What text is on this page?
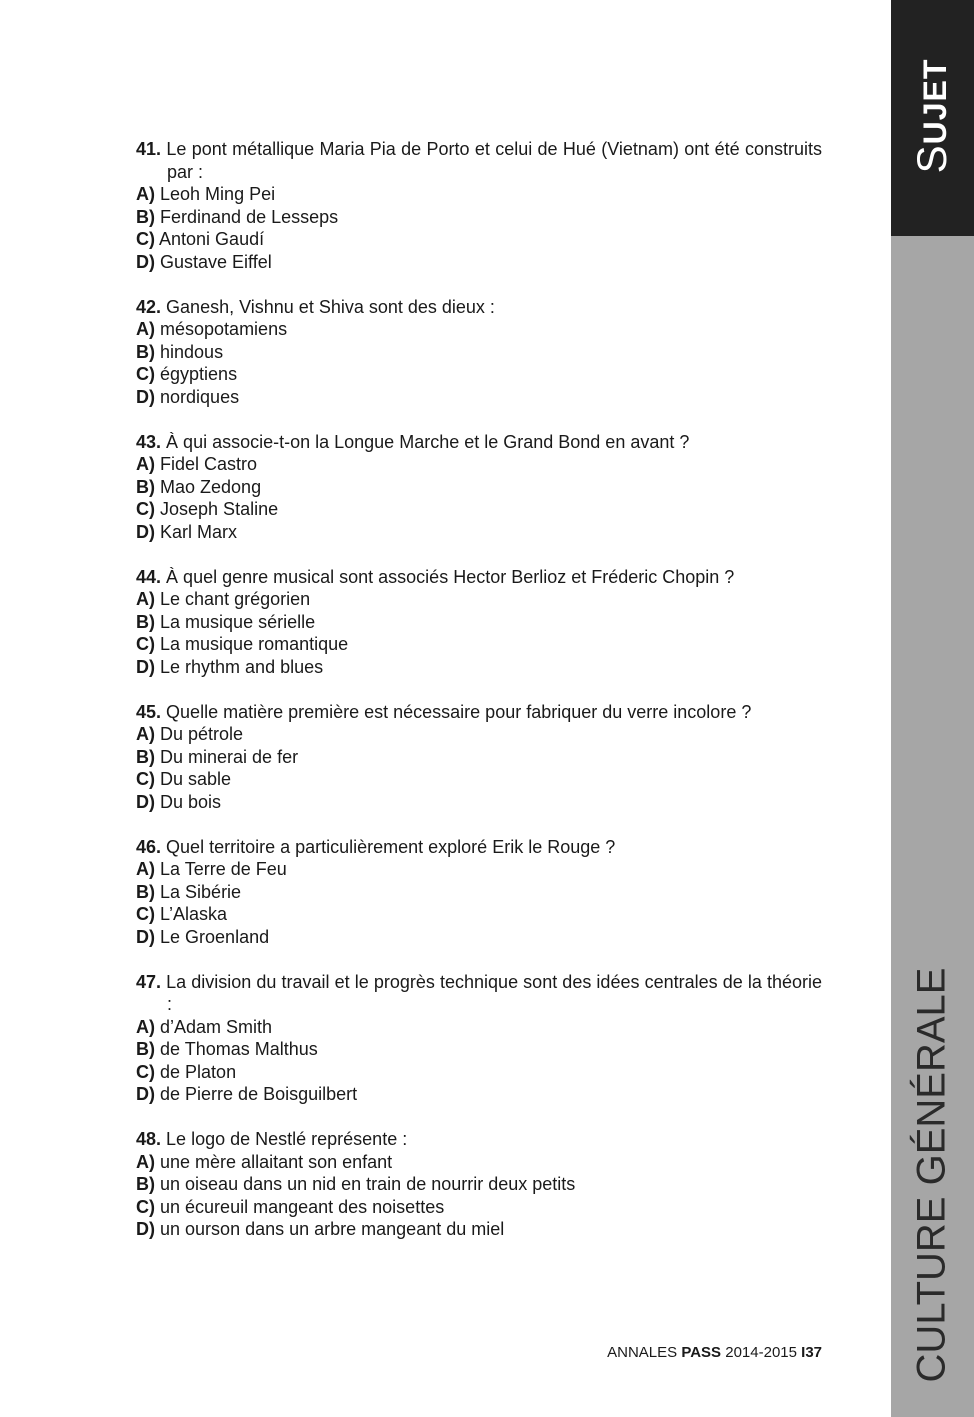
SUJET
CULTURE GÉNÉRALE
41. Le pont métallique Maria Pia de Porto et celui de Hué (Vietnam) ont été construits par :
A) Leoh Ming Pei
B) Ferdinand de Lesseps
C) Antoni Gaudí
D) Gustave Eiffel
42. Ganesh, Vishnu et Shiva sont des dieux :
A) mésopotamiens
B) hindous
C) égyptiens
D) nordiques
43. À qui associe-t-on la Longue Marche et le Grand Bond en avant ?
A) Fidel Castro
B) Mao Zedong
C) Joseph Staline
D) Karl Marx
44. À quel genre musical sont associés Hector Berlioz et Fréderic Chopin ?
A) Le chant grégorien
B) La musique sérielle
C) La musique romantique
D) Le rhythm and blues
45. Quelle matière première est nécessaire pour fabriquer du verre incolore ?
A) Du pétrole
B) Du minerai de fer
C) Du sable
D) Du bois
46. Quel territoire a particulièrement exploré Erik le Rouge ?
A) La Terre de Feu
B) La Sibérie
C) L’Alaska
D) Le Groenland
47. La division du travail et le progrès technique sont des idées centrales de la théorie :
A) d’Adam Smith
B) de Thomas Malthus
C) de Platon
D) de Pierre de Boisguilbert
48. Le logo de Nestlé représente :
A) une mère allaitant son enfant
B) un oiseau dans un nid en train de nourrir deux petits
C) un écureuil mangeant des noisettes
D) un ourson dans un arbre mangeant du miel
ANNALES PASS 2014-2015 I37
